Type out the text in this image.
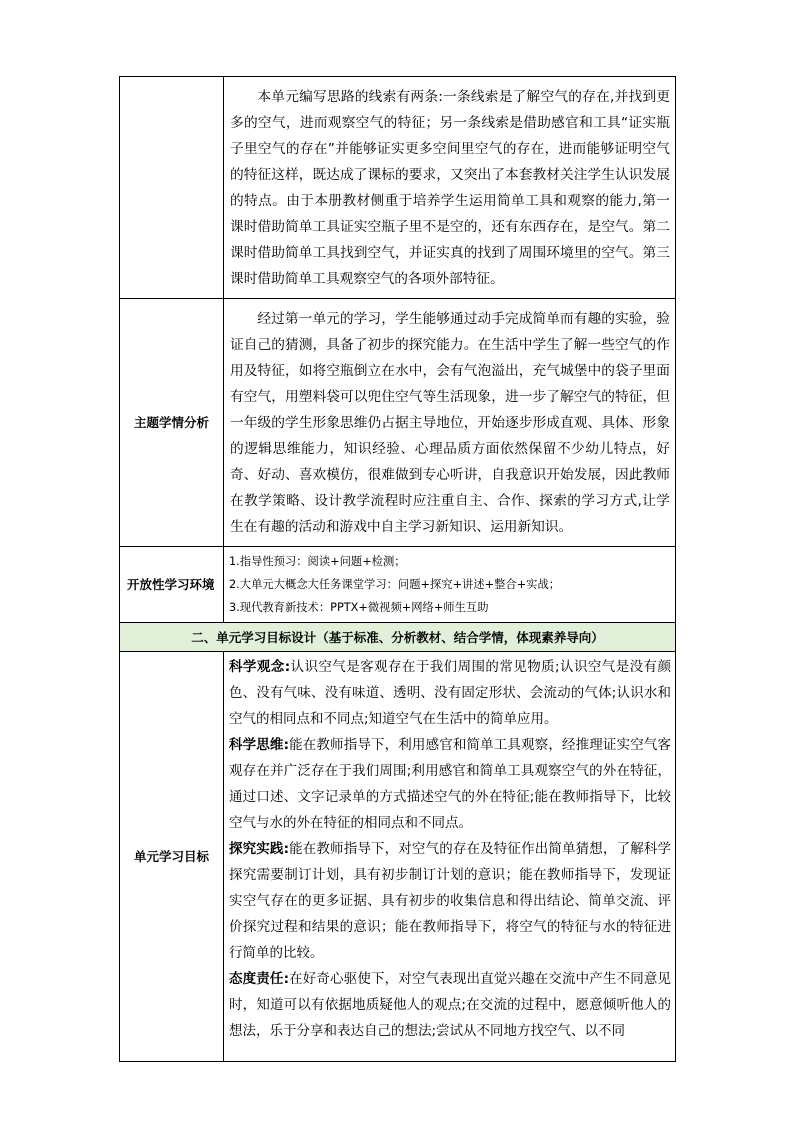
	本单元编写思路的线索有两条:一条线索是了解空气的存在,并找到更多的空气，进而观察空气的特征；另一条线索是借助感官和工具“证实瓶子里空气的存在”并能够证实更多空间里空气的存在，进而能够证明空气的特征这样，既达成了课标的要求，又突出了本套教材关注学生认识发展的特点。由于本册教材侧重于培养学生运用简单工具和观察的能力,第一课时借助简单工具证实空瓶子里不是空的，还有东西存在，是空气。第二课时借助简单工具找到空气，并证实真的找到了周围环境里的空气。第三课时借助简单工具观察空气的各项外部特征。

主题学情分析	经过第一单元的学习，学生能够通过动手完成简单而有趣的实验，验证自己的猜测，具备了初步的探究能力。在生活中学生了解一些空气的作用及特征，如将空瓶倒立在水中，会有气泡溢出，充气城堡中的袋子里面有空气，用塑料袋可以兜住空气等生活现象，进一步了解空气的特征，但一年级的学生形象思维仍占据主导地位，开始逐步形成直观、具体、形象的逻辑思维能力，知识经验、心理品质方面依然保留不少幼儿特点，好奇、好动、喜欢模仿，很难做到专心听讲，自我意识开始发展，因此教师在教学策略、设计教学流程时应注重自主、合作、探索的学习方式,让学生在有趣的活动和游戏中自主学习新知识、运用新知识。

开放性学习环境	1.指导性预习：阅读+问题+检测；
2.大单元大概念大任务课堂学习：问题+探究+讲述+整合+实战；
3.现代教育新技术：PPTX+微视频+网络+师生互助

二、单元学习目标设计（基于标准、分析教材、结合学情，体现素养导向）	
单元学习目标	科学观念:认识空气是客观存在于我们周围的常见物质;认识空气是没有颜色、没有气味、没有味道、透明、没有固定形状、会流动的气体;认识水和空气的相同点和不同点;知道空气在生活中的简单应用。

科学思维:能在教师指导下，利用感官和简单工具观察，经推理证实空气客观存在并广泛存在于我们周围;利用感官和简单工具观察空气的外在特征，通过口述、文字记录单的方式描述空气的外在特征;能在教师指导下，比较空气与水的外在特征的相同点和不同点。

探究实践:能在教师指导下，对空气的存在及特征作出简单猜想，了解科学探究需要制订计划，具有初步制订计划的意识；能在教师指导下，发现证实空气存在的更多证据、具有初步的收集信息和得出结论、简单交流、评价探究过程和结果的意识；能在教师指导下，将空气的特征与水的特征进行简单的比较。

态度责任:在好奇心驱使下，对空气表现出直觉兴趣在交流中产生不同意见时，知道可以有依据地质疑他人的观点;在交流的过程中，愿意倾听他人的想法，乐于分享和表达自己的想法;尝试从不同地方找空气、以不同
